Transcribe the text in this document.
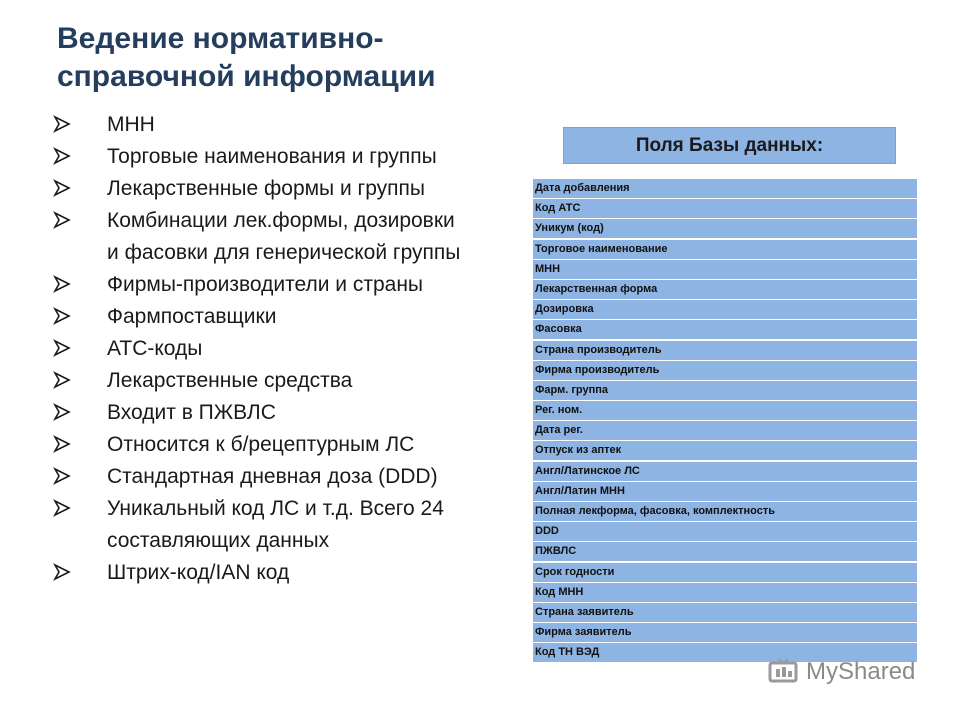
Ведение нормативно-
справочной информации
МНН
Торговые наименования и группы
Лекарственные формы и группы
Комбинации лек.формы, дозировки
и фасовки для генерической группы
Фирмы-производители и страны
Фармпоставщики
АТС-коды
Лекарственные средства
Входит в ПЖВЛС
Относится к б/рецептурным ЛС
Стандартная дневная доза (DDD)
Уникальный код ЛС и т.д. Всего 24
составляющих данных
Штрих-код/IAN код
Поля Базы данных:
Дата добавления
Код АТС
Уникум (код)
Торговое наименование
МНН
Лекарственная форма
Дозировка
Фасовка
Страна производитель
Фирма производитель
Фарм. группа
Рег. ном.
Дата рег.
Отпуск из аптек
Англ/Латинское ЛС
Англ/Латин МНН
Полная лекформа, фасовка, комплектность
DDD
ПЖВЛС
Срок годности
Код МНН
Страна заявитель
Фирма заявитель
Код ТН ВЭД
MyShared
